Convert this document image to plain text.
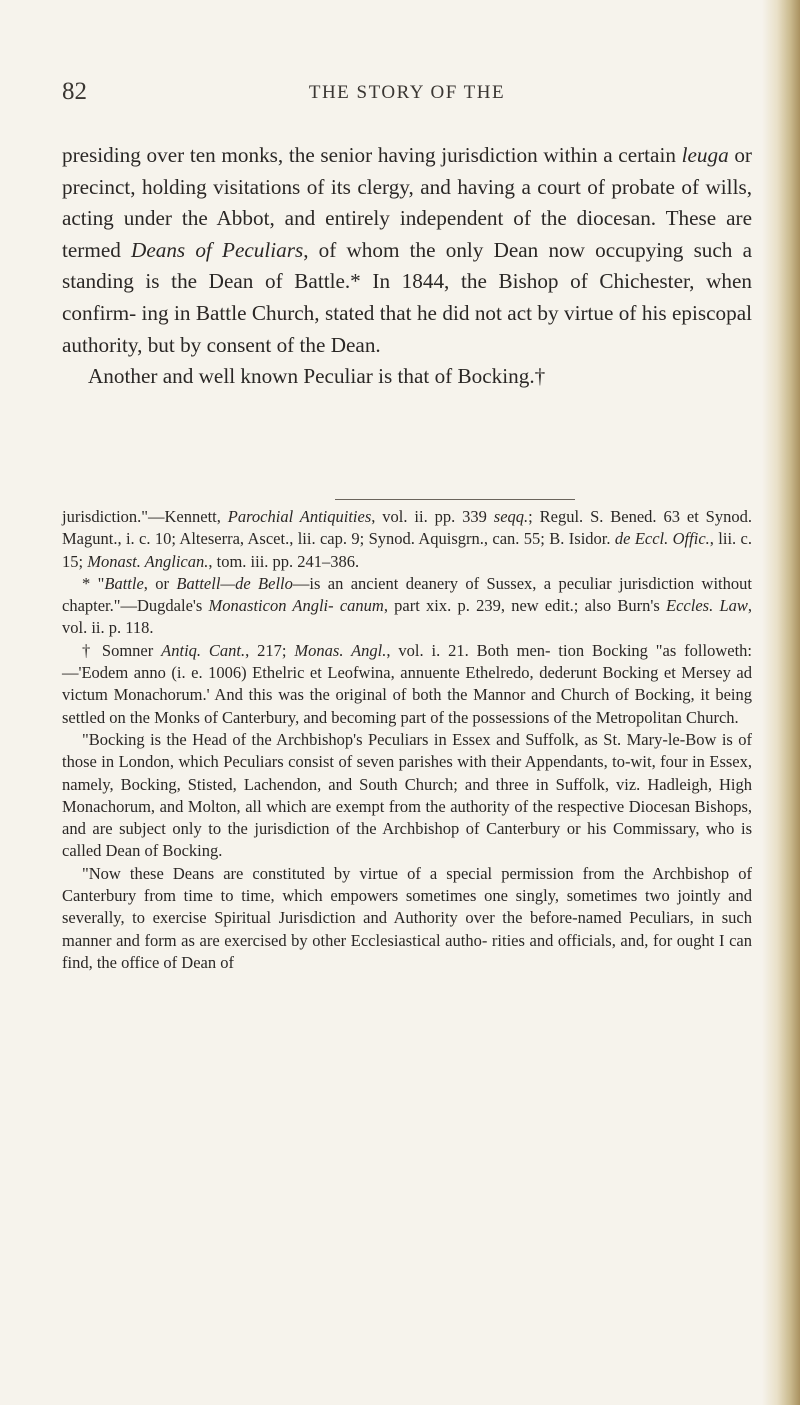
82	THE STORY OF THE

presiding over ten monks, the senior having jurisdiction within a certain leuga or precinct, holding visitations of its clergy, and having a court of probate of wills, acting under the Abbot, and entirely independent of the diocesan. These are termed Deans of Peculiars, of whom the only Dean now occupying such a standing is the Dean of Battle.* In 1844, the Bishop of Chichester, when confirm- ing in Battle Church, stated that he did not act by virtue of his episcopal authority, but by consent of the Dean.

Another and well known Peculiar is that of Bocking.†

jurisdiction."—Kennett, Parochial Antiquities, vol. ii. pp. 339 seqq.; Regul. S. Bened. 63 et Synod. Magunt., i. c. 10; Alteserra, Ascet., lii. cap. 9; Synod. Aquisgrn., can. 55; B. Isidor. de Eccl. Offic., lii. c. 15; Monast. Anglican., tom. iii. pp. 241–386.

* "Battle, or Battell—de Bello—is an ancient deanery of Sussex, a peculiar jurisdiction without chapter."—Dugdale's Monasticon Angli- canum, part xix. p. 239, new edit.; also Burn's Eccles. Law, vol. ii. p. 118.

† Somner Antiq. Cant., 217; Monas. Angl., vol. i. 21. Both men- tion Bocking "as followeth:—'Eodem anno (i. e. 1006) Ethelric et Leofwina, annuente Ethelredo, dederunt Bocking et Mersey ad victum Monachorum.' And this was the original of both the Mannor and Church of Bocking, it being settled on the Monks of Canterbury, and becoming part of the possessions of the Metropolitan Church.

"Bocking is the Head of the Archbishop's Peculiars in Essex and Suffolk, as St. Mary-le-Bow is of those in London, which Peculiars consist of seven parishes with their Appendants, to-wit, four in Essex, namely, Bocking, Stisted, Lachendon, and South Church; and three in Suffolk, viz. Hadleigh, High Monachorum, and Molton, all which are exempt from the authority of the respective Diocesan Bishops, and are subject only to the jurisdiction of the Archbishop of Canterbury or his Commissary, who is called Dean of Bocking.

"Now these Deans are constituted by virtue of a special permission from the Archbishop of Canterbury from time to time, which empowers sometimes one singly, sometimes two jointly and severally, to exercise Spiritual Jurisdiction and Authority over the before-named Peculiars, in such manner and form as are exercised by other Ecclesiastical autho- rities and officials, and, for ought I can find, the office of Dean of
